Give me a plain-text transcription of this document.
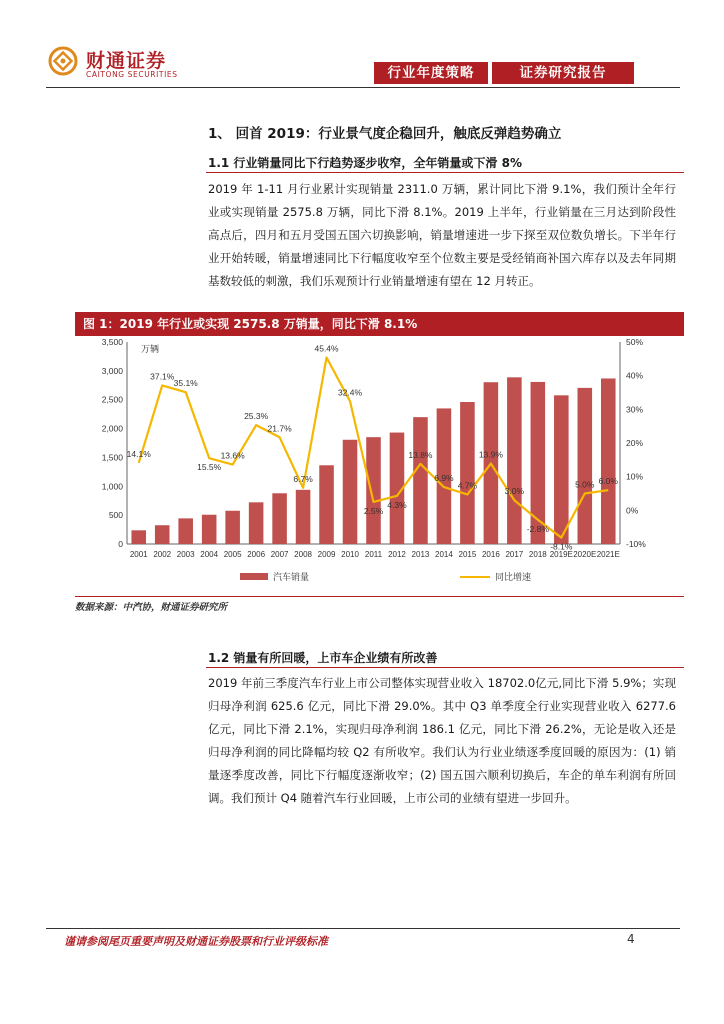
财通证券
CAITONG SECURITIES	行业年度策略	证券研究报告
1、 回首 2019：行业景气度企稳回升，触底反弹趋势确立
1.1 行业销量同比下行趋势逐步收窄，全年销量或下滑 8%

2019 年 1-11 月行业累计实现销量 2311.0 万辆，累计同比下滑 9.1%，我们预计全年行业或实现销量 2575.8 万辆，同比下滑 8.1%。2019 上半年，行业销量在三月达到阶段性高点后，四月和五月受国五国六切换影响，销量增速进一步下探至双位数负增长。下半年行业开始转暖，销量增速同比下行幅度收窄至个位数主要是受经销商补国六库存以及去年同期基数较低的刺激，我们乐观预计行业销量增速有望在 12 月转正。

图 1：2019 年行业或实现 2575.8 万销量，同比下滑 8.1%
0
500
1,000
1,500
2,000
2,500
3,000
3,500
-10%
0%
10%
20%
30%
40%
50%
万辆
2001 2002 2003 2004 2005 2006 2007 2008 2009 2010 2011 2012 2013 2014 2015 2016 2017 2018 2019E 2020E 2021E
14.1%
37.1%
35.1%
15.5%
13.6%
25.3%
21.7%
6.7%
45.4%
32.4%
2.5%
4.3%
13.8%
6.9%
4.7%
13.9%
3.0%
-2.8%
-8.1%
5.0% 6.0%
汽车销量	同比增速
数据来源：中汽协，财通证券研究所
1.2 销量有所回暖，上市车企业绩有所改善

2019 年前三季度汽车行业上市公司整体实现营业收入 18702.0亿元,同比下滑 5.9%；实现归母净利润 625.6 亿元，同比下滑 29.0%。其中 Q3 单季度全行业实现营业收入 6277.6 亿元，同比下滑 2.1%，实现归母净利润 186.1 亿元，同比下滑 26.2%，无论是收入还是归母净利润的同比降幅均较 Q2 有所收窄。我们认为行业业绩逐季度回暖的原因为：(1) 销量逐季度改善，同比下行幅度逐渐收窄；(2) 国五国六顺利切换后，车企的单车利润有所回调。我们预计 Q4 随着汽车行业回暖，上市公司的业绩有望进一步回升。

谨请参阅尾页重要声明及财通证券股票和行业评级标准	4
